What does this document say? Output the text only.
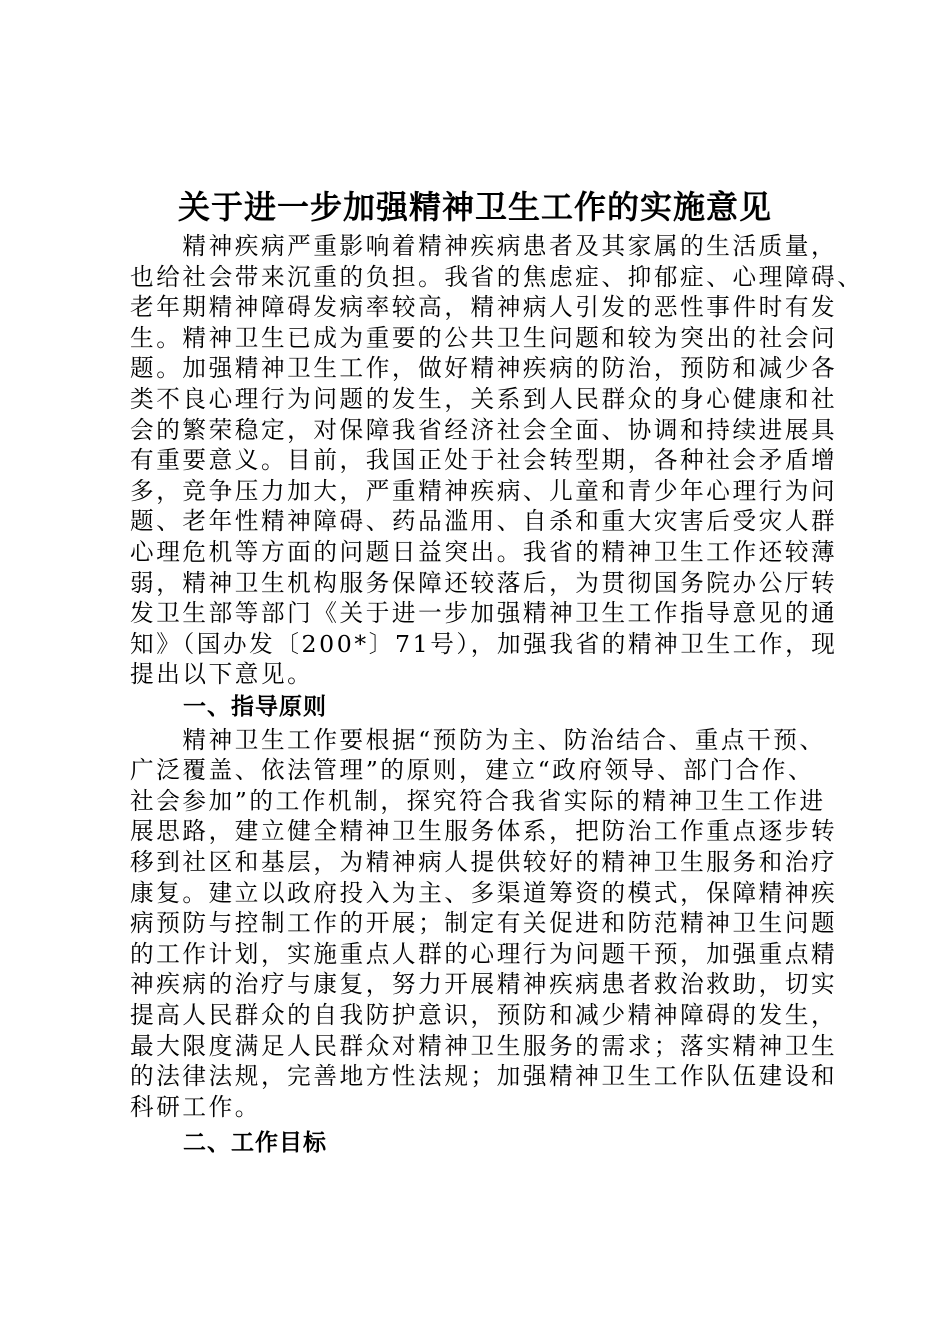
关于进一步加强精神卫生工作的实施意见
　　精神疾病严重影响着精神疾病患者及其家属的生活质量，
也给社会带来沉重的负担。我省的焦虑症、抑郁症、心理障碍、
老年期精神障碍发病率较高，精神病人引发的恶性事件时有发
生。精神卫生已成为重要的公共卫生问题和较为突出的社会问
题。加强精神卫生工作，做好精神疾病的防治，预防和减少各
类不良心理行为问题的发生，关系到人民群众的身心健康和社
会的繁荣稳定，对保障我省经济社会全面、协调和持续进展具
有重要意义。目前，我国正处于社会转型期，各种社会矛盾增
多，竞争压力加大，严重精神疾病、儿童和青少年心理行为问
题、老年性精神障碍、药品滥用、自杀和重大灾害后受灾人群
心理危机等方面的问题日益突出。我省的精神卫生工作还较薄
弱，精神卫生机构服务保障还较落后，为贯彻国务院办公厅转
发卫生部等部门《关于进一步加强精神卫生工作指导意见的通
知》（国办发〔200*〕71号），加强我省的精神卫生工作，现
提出以下意见。
一、指导原则
　　精神卫生工作要根据“预防为主、防治结合、重点干预、
广泛覆盖、依法管理”的原则，建立“政府领导、部门合作、
社会参加”的工作机制，探究符合我省实际的精神卫生工作进
展思路，建立健全精神卫生服务体系，把防治工作重点逐步转
移到社区和基层，为精神病人提供较好的精神卫生服务和治疗
康复。建立以政府投入为主、多渠道筹资的模式，保障精神疾
病预防与控制工作的开展；制定有关促进和防范精神卫生问题
的工作计划，实施重点人群的心理行为问题干预，加强重点精
神疾病的治疗与康复，努力开展精神疾病患者救治救助，切实
提高人民群众的自我防护意识，预防和减少精神障碍的发生，
最大限度满足人民群众对精神卫生服务的需求；落实精神卫生
的法律法规，完善地方性法规；加强精神卫生工作队伍建设和
科研工作。
二、工作目标
